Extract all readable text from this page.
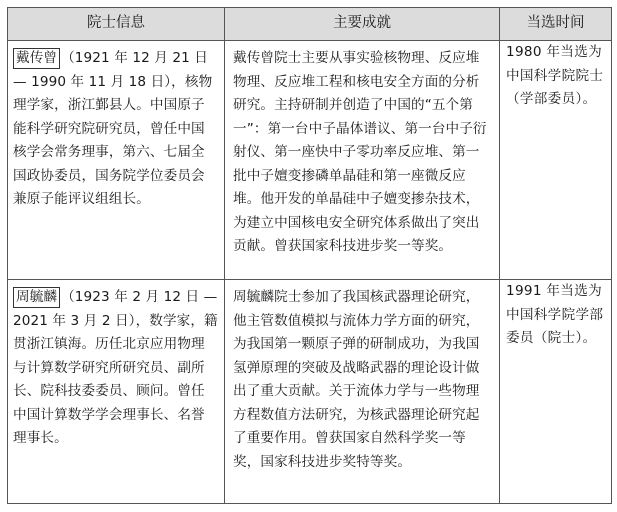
院士信息	主要成就	当选时间
戴传曾 （1921 年 12 月 21 日 — 1990 年 11 月 18 日），核物理学家，浙江鄞县人。中国原子能科学研究院研究员，曾任中国核学会常务理事，第六、七届全国政协委员，国务院学位委员会兼原子能评议组组长。	戴传曾院士主要从事实验核物理、反应堆物理、反应堆工程和核电安全方面的分析研究。主持研制并创造了中国的“五个第一”：第一台中子晶体谱议、第一台中子衍射仪、第一座快中子零功率反应堆、第一批中子嬗变掺磷单晶硅和第一座微反应堆。他开发的单晶硅中子嬗变掺杂技术，为建立中国核电安全研究体系做出了突出贡献。曾获国家科技进步奖一等奖。	1980 年当选为中国科学院院士（学部委员）。
周毓麟 （1923 年 2 月 12 日 — 2021 年 3 月 2 日），数学家，籍贯浙江镇海。历任北京应用物理与计算数学研究所研究员、副所长、院科技委委员、顾问。曾任中国计算数学学会理事长、名誉理事长。	周毓麟院士参加了我国核武器理论研究，他主管数值模拟与流体力学方面的研究，为我国第一颗原子弹的研制成功，为我国氢弹原理的突破及战略武器的理论设计做出了重大贡献。关于流体力学与一些物理方程数值方法研究，为核武器理论研究起了重要作用。曾获国家自然科学奖一等奖，国家科技进步奖特等奖。	1991 年当选为中国科学院学部委员（院士）。
